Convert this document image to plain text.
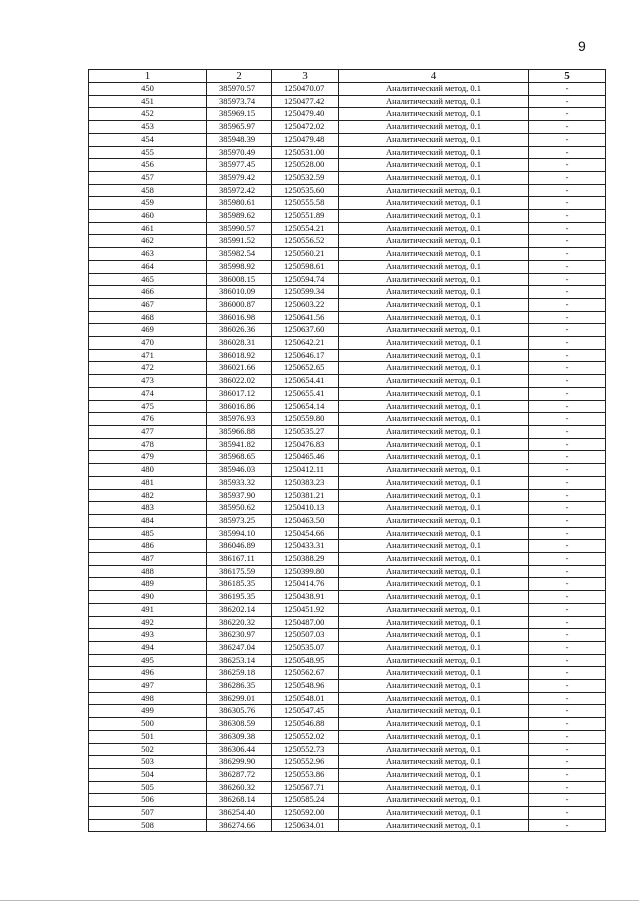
9
1	2	3	4	5
450	385970.57	1250470.07	Аналитический метод, 0.1	-
451	385973.74	1250477.42	Аналитический метод, 0.1	-
452	385969.15	1250479.40	Аналитический метод, 0.1	-
453	385965.97	1250472.02	Аналитический метод, 0.1	-
454	385948.39	1250479.48	Аналитический метод, 0.1	-
455	385970.49	1250531.00	Аналитический метод, 0.1	-
456	385977.45	1250528.00	Аналитический метод, 0.1	-
457	385979.42	1250532.59	Аналитический метод, 0.1	-
458	385972.42	1250535.60	Аналитический метод, 0.1	-
459	385980.61	1250555.58	Аналитический метод, 0.1	-
460	385989.62	1250551.89	Аналитический метод, 0.1	-
461	385990.57	1250554.21	Аналитический метод, 0.1	-
462	385991.52	1250556.52	Аналитический метод, 0.1	-
463	385982.54	1250560.21	Аналитический метод, 0.1	-
464	385998.92	1250598.61	Аналитический метод, 0.1	-
465	386008.15	1250594.74	Аналитический метод, 0.1	-
466	386010.09	1250599.34	Аналитический метод, 0.1	-
467	386000.87	1250603.22	Аналитический метод, 0.1	-
468	386016.98	1250641.56	Аналитический метод, 0.1	-
469	386026.36	1250637.60	Аналитический метод, 0.1	-
470	386028.31	1250642.21	Аналитический метод, 0.1	-
471	386018.92	1250646.17	Аналитический метод, 0.1	-
472	386021.66	1250652.65	Аналитический метод, 0.1	-
473	386022.02	1250654.41	Аналитический метод, 0.1	-
474	386017.12	1250655.41	Аналитический метод, 0.1	-
475	386016.86	1250654.14	Аналитический метод, 0.1	-
476	385976.93	1250559.80	Аналитический метод, 0.1	-
477	385966.88	1250535.27	Аналитический метод, 0.1	-
478	385941.82	1250476.83	Аналитический метод, 0.1	-
479	385968.65	1250465.46	Аналитический метод, 0.1	-
480	385946.03	1250412.11	Аналитический метод, 0.1	-
481	385933.32	1250383.23	Аналитический метод, 0.1	-
482	385937.90	1250381.21	Аналитический метод, 0.1	-
483	385950.62	1250410.13	Аналитический метод, 0.1	-
484	385973.25	1250463.50	Аналитический метод, 0.1	-
485	385994.10	1250454.66	Аналитический метод, 0.1	-
486	386046.89	1250433.31	Аналитический метод, 0.1	-
487	386167.11	1250388.29	Аналитический метод, 0.1	-
488	386175.59	1250399.80	Аналитический метод, 0.1	-
489	386185.35	1250414.76	Аналитический метод, 0.1	-
490	386195.35	1250438.91	Аналитический метод, 0.1	-
491	386202.14	1250451.92	Аналитический метод, 0.1	-
492	386220.32	1250487.00	Аналитический метод, 0.1	-
493	386230.97	1250507.03	Аналитический метод, 0.1	-
494	386247.04	1250535.07	Аналитический метод, 0.1	-
495	386253.14	1250548.95	Аналитический метод, 0.1	-
496	386259.18	1250562.67	Аналитический метод, 0.1	-
497	386286.35	1250548.96	Аналитический метод, 0.1	-
498	386299.01	1250548.01	Аналитический метод, 0.1	-
499	386305.76	1250547.45	Аналитический метод, 0.1	-
500	386308.59	1250546.88	Аналитический метод, 0.1	-
501	386309.38	1250552.02	Аналитический метод, 0.1	-
502	386306.44	1250552.73	Аналитический метод, 0.1	-
503	386299.90	1250552.96	Аналитический метод, 0.1	-
504	386287.72	1250553.86	Аналитический метод, 0.1	-
505	386260.32	1250567.71	Аналитический метод, 0.1	-
506	386268.14	1250585.24	Аналитический метод, 0.1	-
507	386254.40	1250592.00	Аналитический метод, 0.1	-
508	386274.66	1250634.01	Аналитический метод, 0.1	-
